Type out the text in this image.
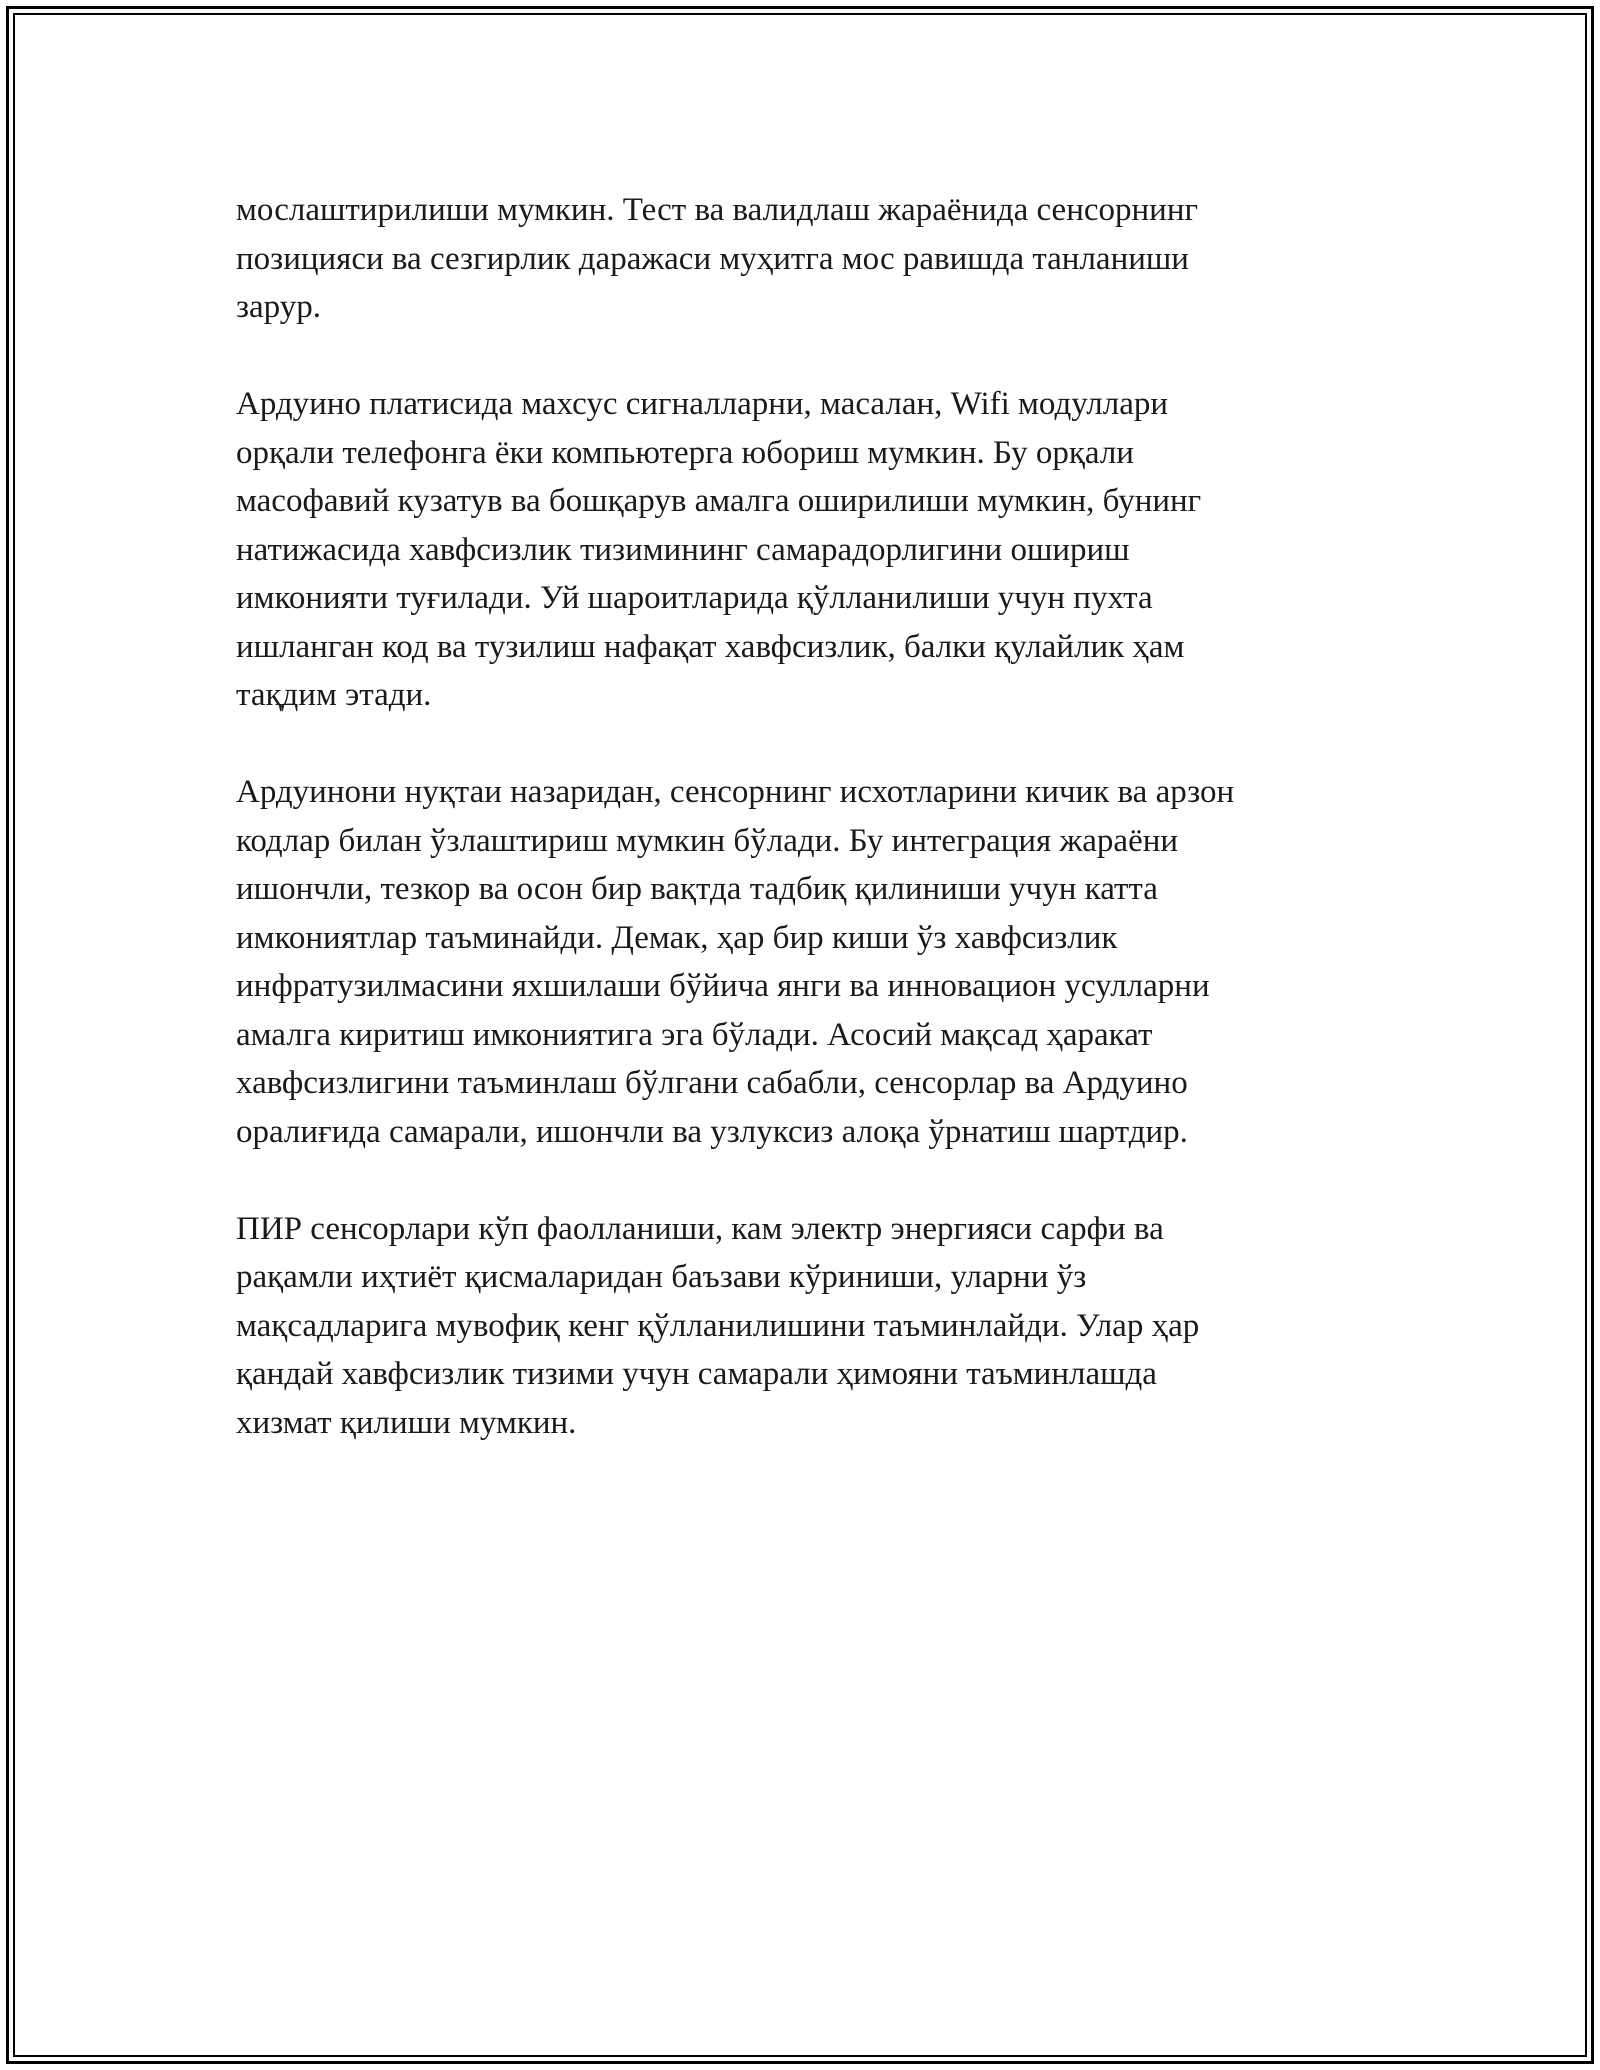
мослаштирилиши мумкин. Тест ва валидлаш жараёнида сенсорнинг
позицияси ва сезгирлик даражаси муҳитга мос равишда танланиши
зарур.
Ардуино платисида махсус сигналларни, масалан, Wifi модуллари
орқали телефонга ёки компьютерга юбориш мумкин. Бу орқали
масофавий кузатув ва бошқарув амалга оширилиши мумкин, бунинг
натижасида хавфсизлик тизимининг самарадорлигини ошириш
имконияти туғилади. Уй шароитларида қўлланилиши учун пухта
ишланган код ва тузилиш нафақат хавфсизлик, балки қулайлик ҳам
тақдим этади.
Ардуинони нуқтаи назаридан, сенсорнинг исхотларини кичик ва арзон
кодлар билан ўзлаштириш мумкин бўлади. Бу интеграция жараёни
ишончли, тезкор ва осон бир вақтда тадбиқ қилиниши учун катта
имкониятлар таъминайди. Демак, ҳар бир киши ўз хавфсизлик
инфратузилмасини яхшилаши бўйича янги ва инновацион усулларни
амалга киритиш имкониятига эга бўлади. Асосий мақсад ҳаракат
хавфсизлигини таъминлаш бўлгани сабабли, сенсорлар ва Ардуино
оралиғида самарали, ишончли ва узлуксиз алоқа ўрнатиш шартдир.
ПИР сенсорлари кўп фаолланиши, кам электр энергияси сарфи ва
рақамли иҳтиёт қисмаларидан баъзави кўриниши, уларни ўз
мақсадларига мувофиқ кенг қўлланилишини таъминлайди. Улар ҳар
қандай хавфсизлик тизими учун самарали ҳимояни таъминлашда
хизмат қилиши мумкин.
